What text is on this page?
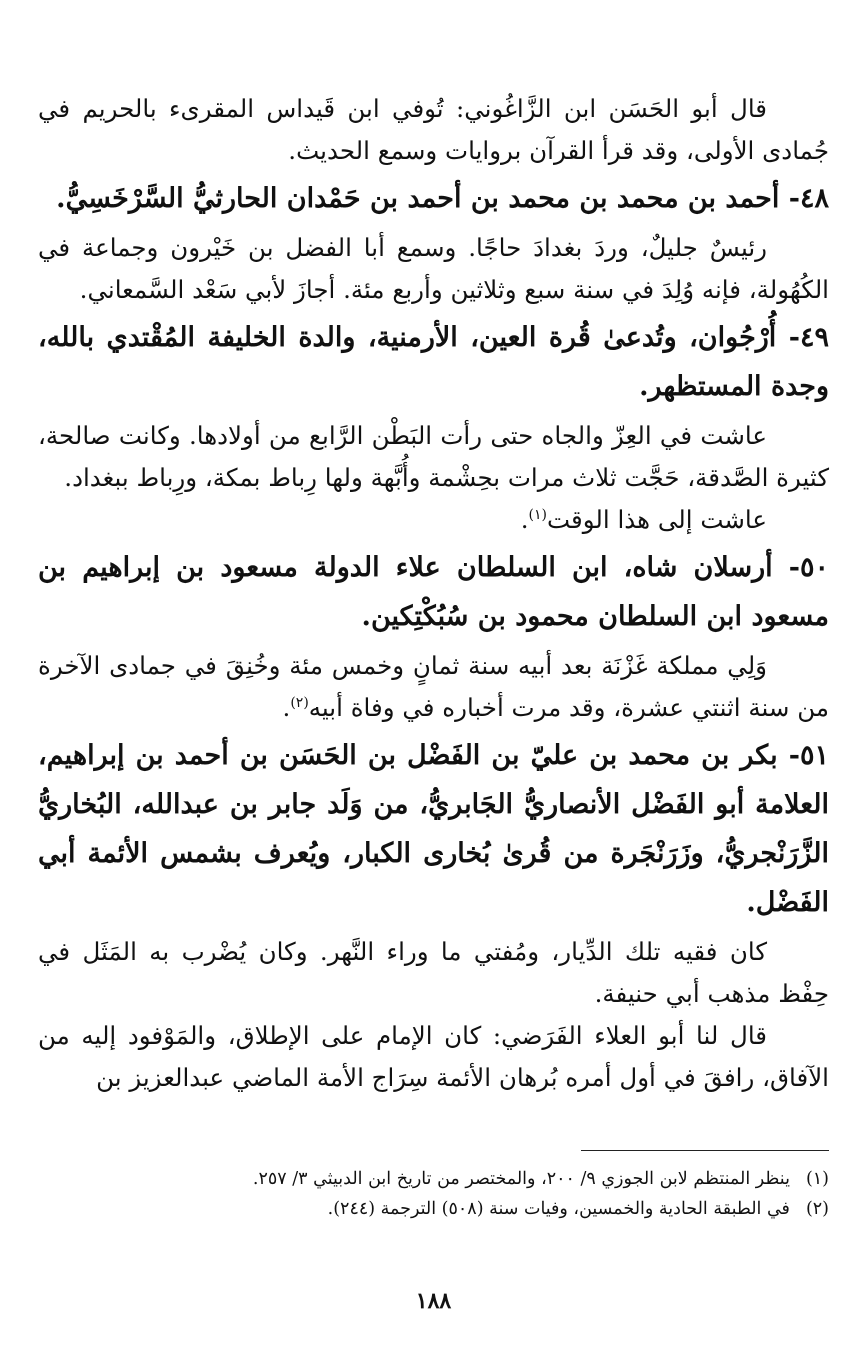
قال أبو الحَسَن ابن الزَّاغُوني: تُوفي ابن قَيداس المقرىء بالحريم في جُمادى الأولى، وقد قرأ القرآن بروايات وسمع الحديث.

٤٨- أحمد بن محمد بن محمد بن أحمد بن حَمْدان الحارثيُّ السَّرْخَسِيُّ.

رئيسٌ جليلٌ، وردَ بغدادَ حاجًا. وسمع أبا الفضل بن خَيْرون وجماعة في الكُهُولة، فإنه وُلِدَ في سنة سبع وثلاثين وأربع مئة. أجازَ لأبي سَعْد السَّمعاني.

٤٩- أُرْجُوان، وتُدعىٰ قُرة العين، الأرمنية، والدة الخليفة المُقْتدي بالله، وجدة المستظهر.

عاشت في العِزّ والجاه حتى رأت البَطْن الرَّابع من أولادها. وكانت صالحة، كثيرة الصَّدقة، حَجَّت ثلاث مرات بحِشْمة وأُبَّهة ولها رِباط بمكة، ورِباط ببغداد.

عاشت إلى هذا الوقت$^{(١)}$.

٥٠- أرسلان شاه، ابن السلطان علاء الدولة مسعود بن إبراهيم بن مسعود ابن السلطان محمود بن سُبُكْتِكين.

وَلِي مملكة غَزْنَة بعد أبيه سنة ثمانٍ وخمس مئة وخُنِقَ في جمادى الآخرة من سنة اثنتي عشرة، وقد مرت أخباره في وفاة أبيه$^{(٢)}$.

٥١- بكر بن محمد بن عليّ بن الفَضْل بن الحَسَن بن أحمد بن إبراهيم، العلامة أبو الفَضْل الأنصاريُّ الجَابريُّ، من وَلَد جابر بن عبدالله، البُخاريُّ الزَّرَنْجريُّ، وزَرَنْجَرة من قُرىٰ بُخارى الكبار، ويُعرف بشمس الأئمة أبي الفَضْل.

كان فقيه تلك الدِّيار، ومُفتي ما وراء النَّهر. وكان يُضْرب به المَثَل في حِفْظ مذهب أبي حنيفة.

قال لنا أبو العلاء الفَرَضي: كان الإمام على الإطلاق، والمَوْفود إليه من الآفاق، رافقَ في أول أمره بُرهان الأئمة سِرَاج الأمة الماضي عبدالعزيز بن

(١)ينظر المنتظم لابن الجوزي ٩/ ٢٠٠، والمختصر من تاريخ ابن الدبيثي ٣/ ٢٥٧.

(٢)في الطبقة الحادية والخمسين، وفيات سنة (٥٠٨) الترجمة (٢٤٤).

١٨٨
